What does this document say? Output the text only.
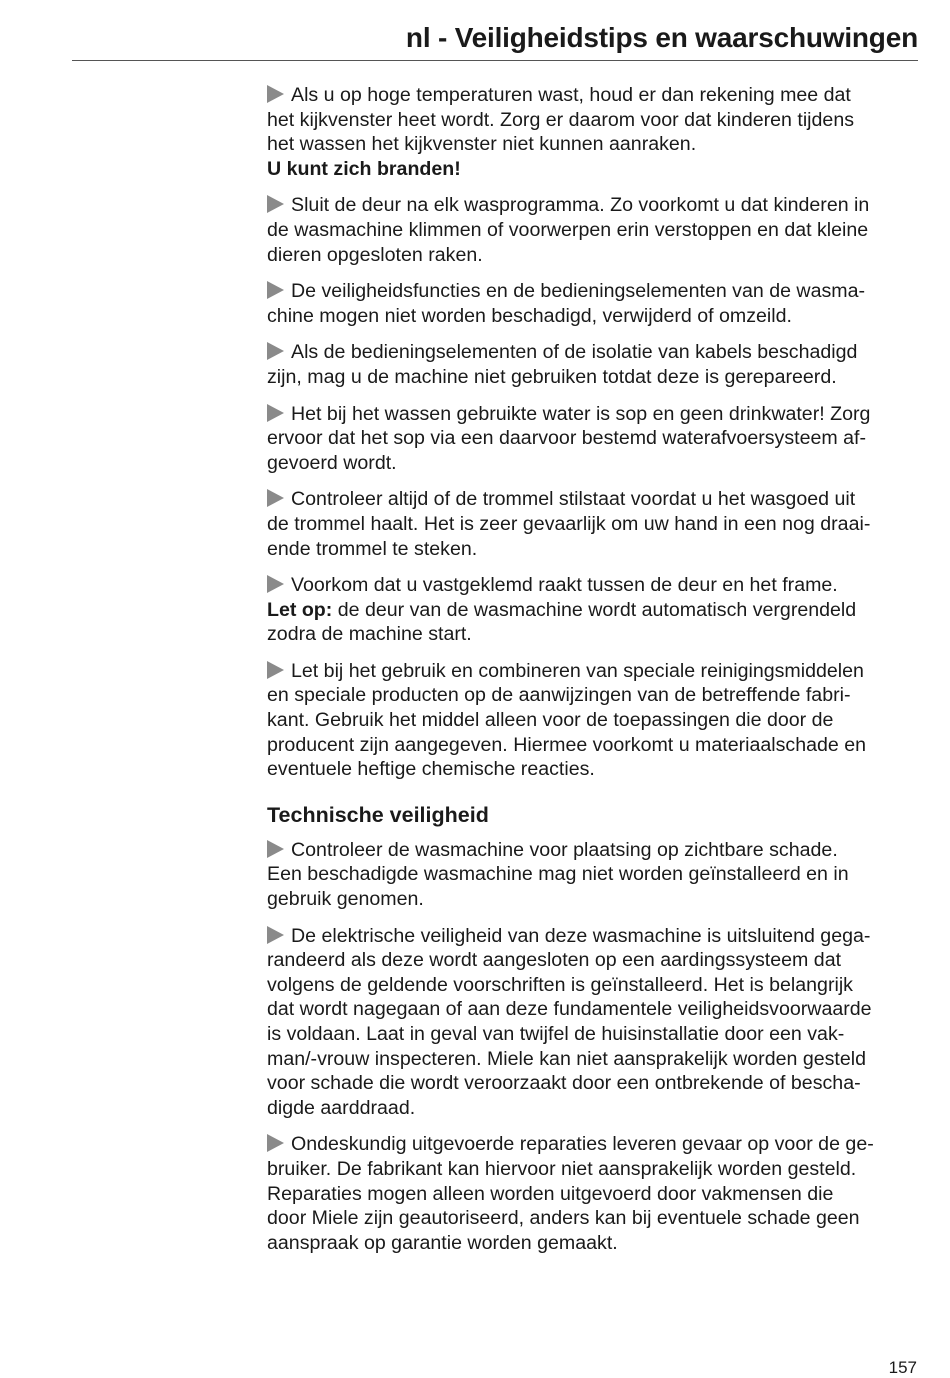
nl - Veiligheidstips en waarschuwingen
Als u op hoge temperaturen wast, houd er dan rekening mee dat
het kijkvenster heet wordt. Zorg er daarom voor dat kinderen tijdens
het wassen het kijkvenster niet kunnen aanraken.
U kunt zich branden!
Sluit de deur na elk wasprogramma. Zo voorkomt u dat kinderen in
de wasmachine klimmen of voorwerpen erin verstoppen en dat kleine
dieren opgesloten raken.
De veiligheidsfuncties en de bedieningselementen van de wasma-
chine mogen niet worden beschadigd, verwijderd of omzeild.
Als de bedieningselementen of de isolatie van kabels beschadigd
zijn, mag u de machine niet gebruiken totdat deze is gerepareerd.
Het bij het wassen gebruikte water is sop en geen drinkwater! Zorg
ervoor dat het sop via een daarvoor bestemd waterafvoersysteem af-
gevoerd wordt.
Controleer altijd of de trommel stilstaat voordat u het wasgoed uit
de trommel haalt. Het is zeer gevaarlijk om uw hand in een nog draai-
ende trommel te steken.
Voorkom dat u vastgeklemd raakt tussen de deur en het frame.
Let op: de deur van de wasmachine wordt automatisch vergrendeld
zodra de machine start.
Let bij het gebruik en combineren van speciale reinigingsmiddelen
en speciale producten op de aanwijzingen van de betreffende fabri-
kant. Gebruik het middel alleen voor de toepassingen die door de
producent zijn aangegeven. Hiermee voorkomt u materiaalschade en
eventuele heftige chemische reacties.
Technische veiligheid
Controleer de wasmachine voor plaatsing op zichtbare schade.
Een beschadigde wasmachine mag niet worden geïnstalleerd en in
gebruik genomen.
De elektrische veiligheid van deze wasmachine is uitsluitend gega-
randeerd als deze wordt aangesloten op een aardingssysteem dat
volgens de geldende voorschriften is geïnstalleerd. Het is belangrijk
dat wordt nagegaan of aan deze fundamentele veiligheidsvoorwaarde
is voldaan. Laat in geval van twijfel de huisinstallatie door een vak-
man/-vrouw inspecteren. Miele kan niet aansprakelijk worden gesteld
voor schade die wordt veroorzaakt door een ontbrekende of bescha-
digde aarddraad.
Ondeskundig uitgevoerde reparaties leveren gevaar op voor de ge-
bruiker. De fabrikant kan hiervoor niet aansprakelijk worden gesteld.
Reparaties mogen alleen worden uitgevoerd door vakmensen die
door Miele zijn geautoriseerd, anders kan bij eventuele schade geen
aanspraak op garantie worden gemaakt.
157
